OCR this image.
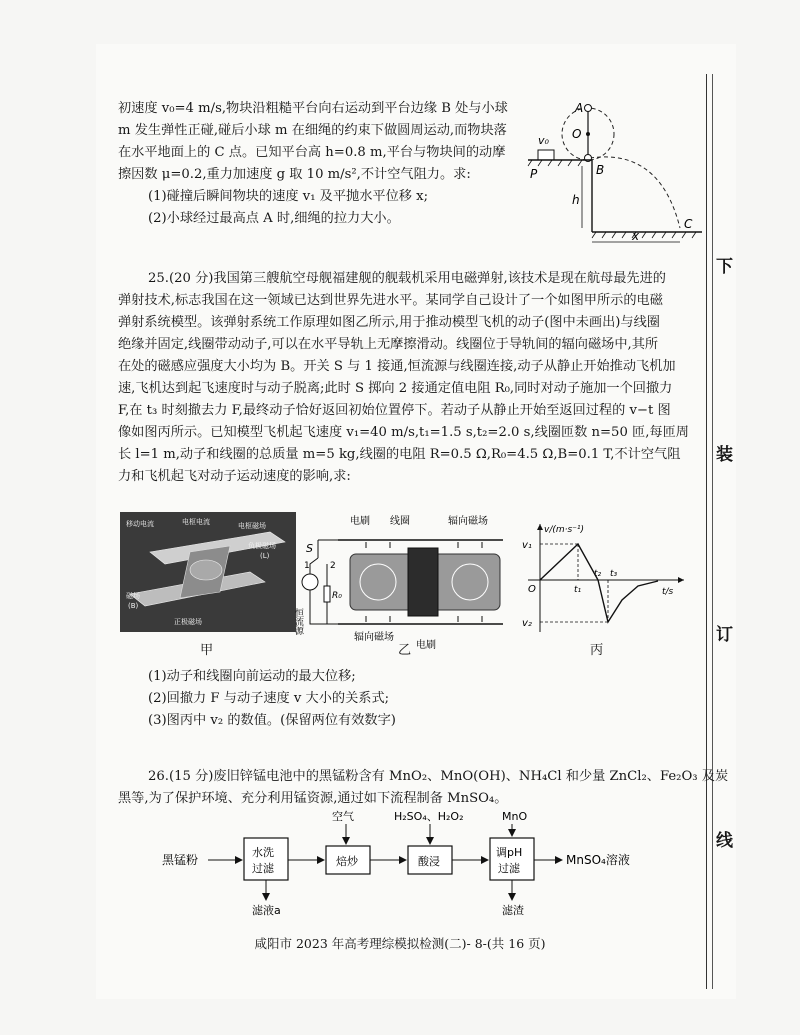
下
装
订
线
初速度 v₀=4 m/s,物块沿粗糙平台向右运动到平台边缘 B 处与小球
m 发生弹性正碰,碰后小球 m 在细绳的约束下做圆周运动,而物块落
在水平地面上的 C 点。已知平台高 h=0.8 m,平台与物块间的动摩
擦因数 μ=0.2,重力加速度 g 取 10 m/s²,不计空气阻力。求:
(1)碰撞后瞬间物块的速度 v₁ 及平抛水平位移 x;
(2)小球经过最高点 A 时,细绳的拉力大小。
A
O
v₀
P	B
h
C
x
25.(20 分)我国第三艘航空母舰福建舰的舰载机采用电磁弹射,该技术是现在航母最先进的
弹射技术,标志我国在这一领域已达到世界先进水平。某同学自己设计了一个如图甲所示的电磁
弹射系统模型。该弹射系统工作原理如图乙所示,用于推动模型飞机的动子(图中未画出)与线圈
绝缘并固定,线圈带动动子,可以在水平导轨上无摩擦滑动。线圈位于导轨间的辐向磁场中,其所
在处的磁感应强度大小均为 B。开关 S 与 1 接通,恒流源与线圈连接,动子从静止开始推动飞机加
速,飞机达到起飞速度时与动子脱离;此时 S 掷向 2 接通定值电阻 R₀,同时对动子施加一个回撤力
F,在 t₃ 时刻撤去力 F,最终动子恰好返回初始位置停下。若动子从静止开始至返回过程的 v−t 图
像如图丙所示。已知模型飞机起飞速度 v₁=40 m/s,t₁=1.5 s,t₂=2.0 s,线圈匝数 n=50 匝,每匝周
长 l=1 m,动子和线圈的总质量 m=5 kg,线圈的电阻 R=0.5 Ω,R₀=4.5 Ω,B=0.1 T,不计空气阻
力和飞机起飞对动子运动速度的影响,求:
移动电流	电枢电流	电枢磁场
负极磁场
(L)
磁场
(B)
正极磁场
甲
电刷 线圈	辐向磁场
S
1 2
恒流源
R₀
辐向磁场
电刷
乙
v/(m·s⁻¹)
t/s
O
v₁
v₂
t₁
t₂ t₃
丙
(1)动子和线圈向前运动的最大位移;
(2)回撤力 F 与动子速度 v 大小的关系式;
(3)图丙中 v₂ 的数值。(保留两位有效数字)
26.(15 分)废旧锌锰电池中的黑锰粉含有 MnO₂、MnO(OH)、NH₄Cl 和少量 ZnCl₂、Fe₂O₃ 及炭
黑等,为了保护环境、充分利用锰资源,通过如下流程制备 MnSO₄。
黑锰粉
水洗
过滤
滤液a
空气
焙炒
H₂SO₄、H₂O₂
酸浸
MnO
调pH
过滤
滤渣
MnSO₄溶液
咸阳市 2023 年高考理综模拟检测(二)- 8-(共 16 页)
